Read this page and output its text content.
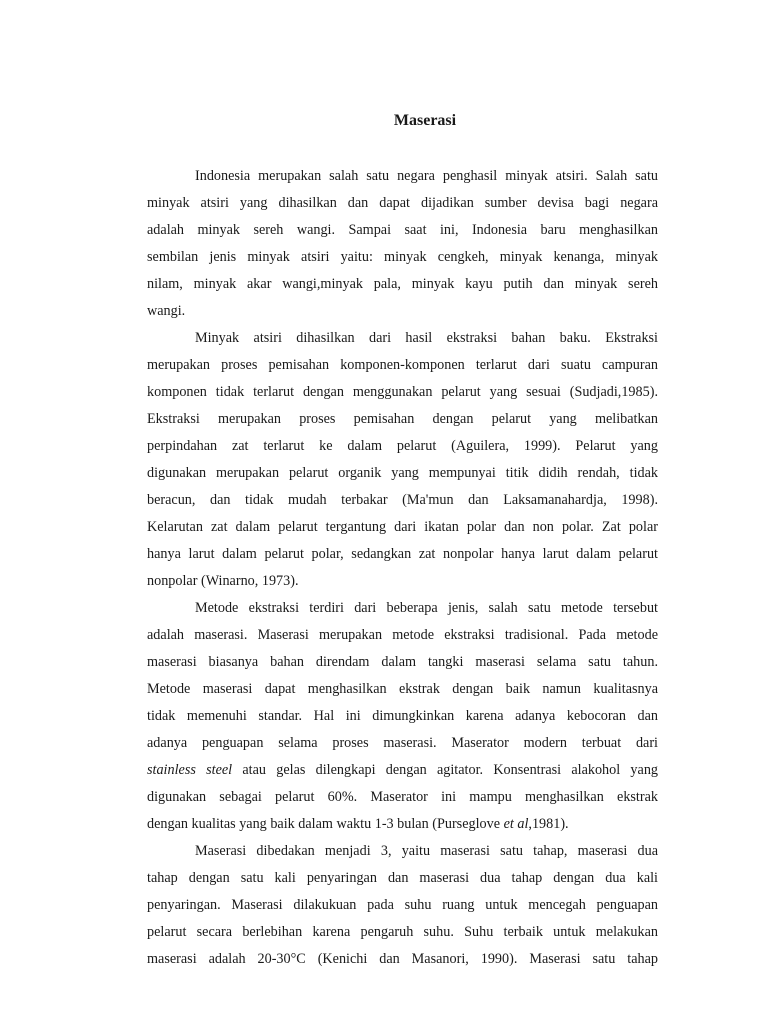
Maserasi

Indonesia merupakan salah satu negara penghasil minyak atsiri. Salah satu
minyak atsiri yang dihasilkan dan dapat dijadikan sumber devisa bagi negara
adalah minyak sereh wangi. Sampai saat ini, Indonesia baru menghasilkan
sembilan jenis minyak atsiri yaitu: minyak cengkeh, minyak kenanga, minyak
nilam, minyak akar wangi,minyak pala, minyak kayu putih dan minyak sereh
wangi.

Minyak atsiri dihasilkan dari hasil ekstraksi bahan baku. Ekstraksi
merupakan proses pemisahan komponen-komponen terlarut dari suatu campuran
komponen tidak terlarut dengan menggunakan pelarut yang sesuai (Sudjadi,1985).
Ekstraksi merupakan proses pemisahan dengan pelarut yang melibatkan
perpindahan zat terlarut ke dalam pelarut (Aguilera, 1999). Pelarut yang
digunakan merupakan pelarut organik yang mempunyai titik didih rendah, tidak
beracun, dan tidak mudah terbakar (Ma'mun dan Laksamanahardja, 1998).
Kelarutan zat dalam pelarut tergantung dari ikatan polar dan non polar. Zat polar
hanya larut dalam pelarut polar, sedangkan zat nonpolar hanya larut dalam pelarut
nonpolar (Winarno, 1973).

Metode ekstraksi terdiri dari beberapa jenis, salah satu metode tersebut
adalah maserasi. Maserasi merupakan metode ekstraksi tradisional. Pada metode
maserasi biasanya bahan direndam dalam tangki maserasi selama satu tahun.
Metode maserasi dapat menghasilkan ekstrak dengan baik namun kualitasnya
tidak memenuhi standar. Hal ini dimungkinkan karena adanya kebocoran dan
adanya penguapan selama proses maserasi. Maserator modern terbuat dari
stainless steel atau gelas dilengkapi dengan agitator. Konsentrasi alakohol yang
digunakan sebagai pelarut 60%. Maserator ini mampu menghasilkan ekstrak
dengan kualitas yang baik dalam waktu 1-3 bulan (Purseglove et al,1981).

Maserasi dibedakan menjadi 3, yaitu maserasi satu tahap, maserasi dua
tahap dengan satu kali penyaringan dan maserasi dua tahap dengan dua kali
penyaringan. Maserasi dilakukuan pada suhu ruang untuk mencegah penguapan
pelarut secara berlebihan karena pengaruh suhu. Suhu terbaik untuk melakukan
maserasi adalah 20-30°C (Kenichi dan Masanori, 1990). Maserasi satu tahap
